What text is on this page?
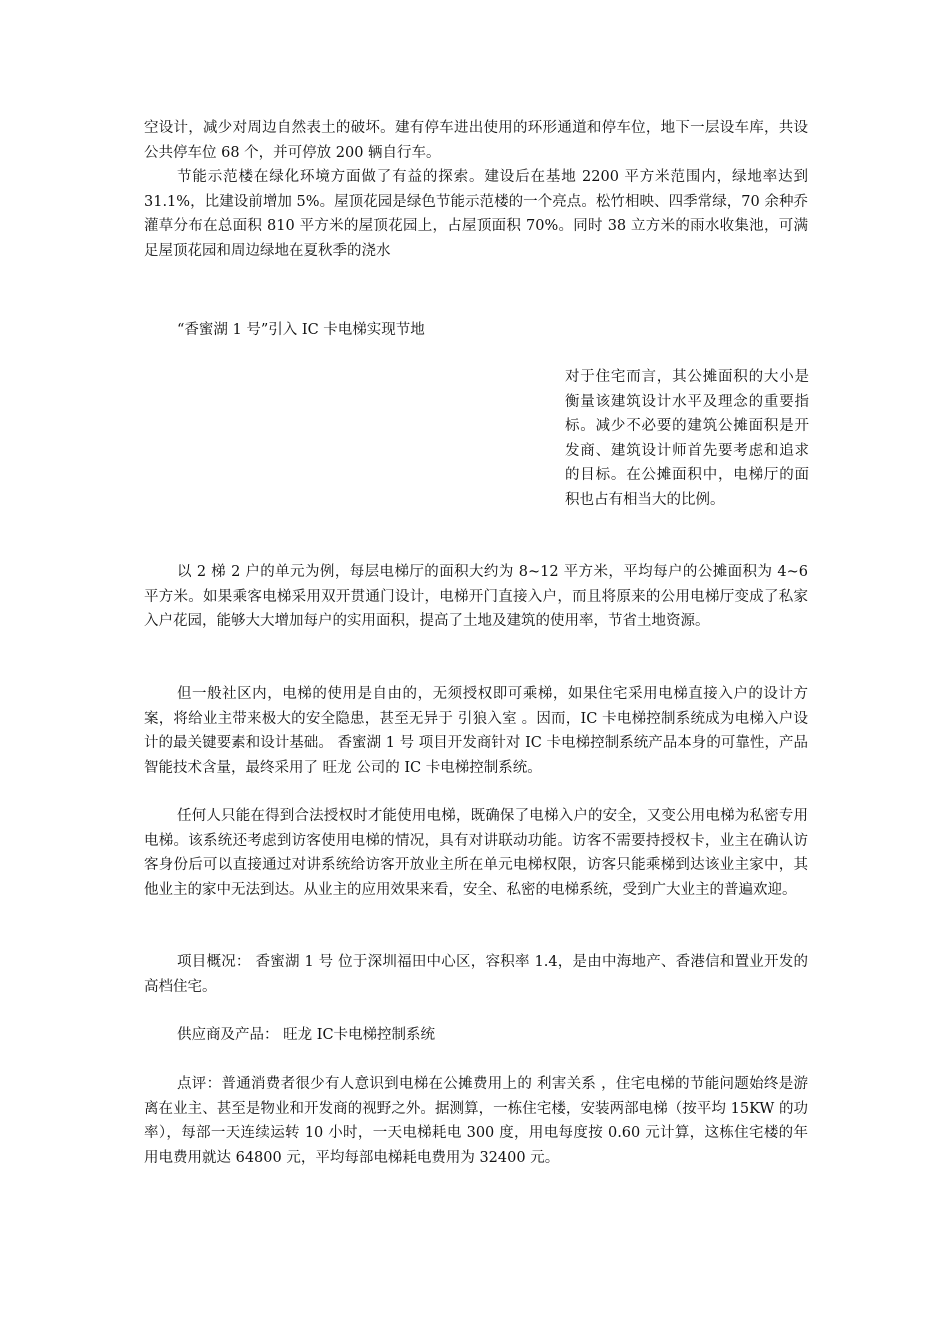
空设计，减少对周边自然表土的破坏。建有停车进出使用的环形通道和停车位，地下一层设车库，共设公共停车位 68 个，并可停放 200 辆自行车。

节能示范楼在绿化环境方面做了有益的探索。建设后在基地 2200 平方米范围内，绿地率达到 31.1%，比建设前增加 5%。屋顶花园是绿色节能示范楼的一个亮点。松竹相映、四季常绿，70 余种乔灌草分布在总面积 810 平方米的屋顶花园上，占屋顶面积 70%。同时 38 立方米的雨水收集池，可满足屋顶花园和周边绿地在夏秋季的浇水

“香蜜湖 1 号”引入 IC 卡电梯实现节地

对于住宅而言，其公摊面积的大小是衡量该建筑设计水平及理念的重要指标。减少不必要的建筑公摊面积是开发商、建筑设计师首先要考虑和追求的目标。在公摊面积中，电梯厅的面积也占有相当大的比例。

以 2 梯 2 户的单元为例，每层电梯厅的面积大约为 8~12 平方米，平均每户的公摊面积为 4~6 平方米。如果乘客电梯采用双开贯通门设计，电梯开门直接入户，而且将原来的公用电梯厅变成了私家入户花园，能够大大增加每户的实用面积，提高了土地及建筑的使用率，节省土地资源。

但一般社区内，电梯的使用是自由的，无须授权即可乘梯，如果住宅采用电梯直接入户的设计方案，将给业主带来极大的安全隐患，甚至无异于 引狼入室 。因而，IC 卡电梯控制系统成为电梯入户设计的最关键要素和设计基础。 香蜜湖 1 号 项目开发商针对 IC 卡电梯控制系统产品本身的可靠性，产品智能技术含量，最终采用了 旺龙 公司的 IC 卡电梯控制系统。

任何人只能在得到合法授权时才能使用电梯，既确保了电梯入户的安全，又变公用电梯为私密专用电梯。该系统还考虑到访客使用电梯的情况，具有对讲联动功能。访客不需要持授权卡，业主在确认访客身份后可以直接通过对讲系统给访客开放业主所在单元电梯权限，访客只能乘梯到达该业主家中，其他业主的家中无法到达。从业主的应用效果来看，安全、私密的电梯系统，受到广大业主的普遍欢迎。

项目概况： 香蜜湖 1 号 位于深圳福田中心区，容积率 1.4，是由中海地产、香港信和置业开发的高档住宅。

供应商及产品： 旺龙 IC卡电梯控制系统

点评：普通消费者很少有人意识到电梯在公摊费用上的 利害关系 ，住宅电梯的节能问题始终是游离在业主、甚至是物业和开发商的视野之外。据测算，一栋住宅楼，安装两部电梯（按平均 15KW 的功率），每部一天连续运转 10 小时，一天电梯耗电 300 度，用电每度按 0.60 元计算，这栋住宅楼的年用电费用就达 64800 元，平均每部电梯耗电费用为 32400 元。
